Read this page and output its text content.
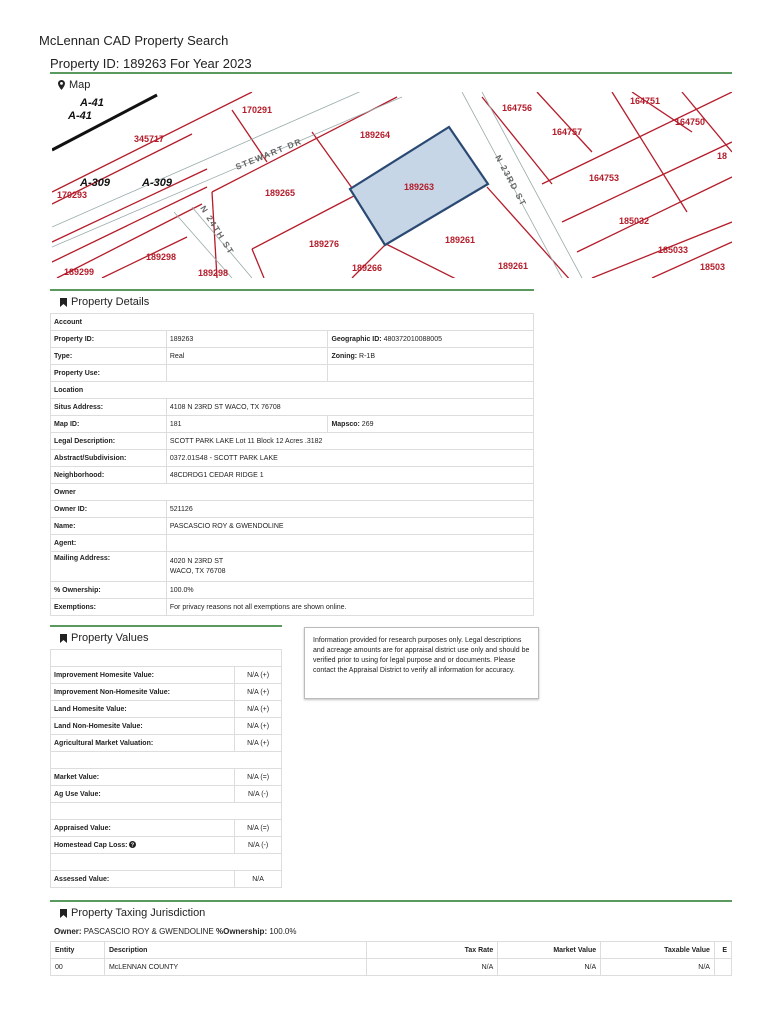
McLennan CAD Property Search
Property ID: 189263 For Year 2023
Map
170291
345717	189264
164756
164757
164751
164750
18
164753
185032
185033
18503
189263
189265
189276	189261
189266	189261
189298
189298
189299
170293
A-41
A-41
A-309	A-309
STEWART DR
N 24TH ST
N 23RD ST
Property Details
Account		
Property ID:	189263	Geographic ID: 480372010088005
Type:	Real	Zoning: R-1B
Property Use:		
Location		
Situs Address:	4108 N 23RD ST WACO, TX 76708	
Map ID:	181	Mapsco: 269
Legal Description:	SCOTT PARK LAKE Lot 11 Block 12 Acres .3182	
Abstract/Subdivision:	0372.01S48 - SCOTT PARK LAKE	
Neighborhood:	48CDRDG1 CEDAR RIDGE 1	
Owner		
Owner ID:	521126	
Name:	PASCASCIO ROY & GWENDOLINE	
Agent:		
Mailing Address:	4020 N 23RD ST
WACO, TX 76708	

% Ownership:	100.0%	
Exemptions:	For privacy reasons not all exemptions are shown online.	
Property Values

Improvement Homesite Value:	N/A (+)
Improvement Non-Homesite Value:	N/A (+)
Land Homesite Value:	N/A (+)
Land Non-Homesite Value:	N/A (+)
Agricultural Market Valuation:	N/A (+)

Market Value:	N/A (=)
Ag Use Value:	N/A (-)

Appraised Value:	N/A (=)
Homestead Cap Loss: ?	N/A (-)

Assessed Value:	N/A
Information provided for research purposes only. Legal descriptions and acreage amounts are for appraisal district use only and should be verified prior to using for legal purpose and or documents. Please contact the Appraisal District to verify all information for accuracy.
Property Taxing Jurisdiction
Owner: PASCASCIO ROY & GWENDOLINE %Ownership: 100.0%
Entity	Description	Tax Rate	Market Value	Taxable Value	E
00	McLENNAN COUNTY	N/A	N/A	N/A	
